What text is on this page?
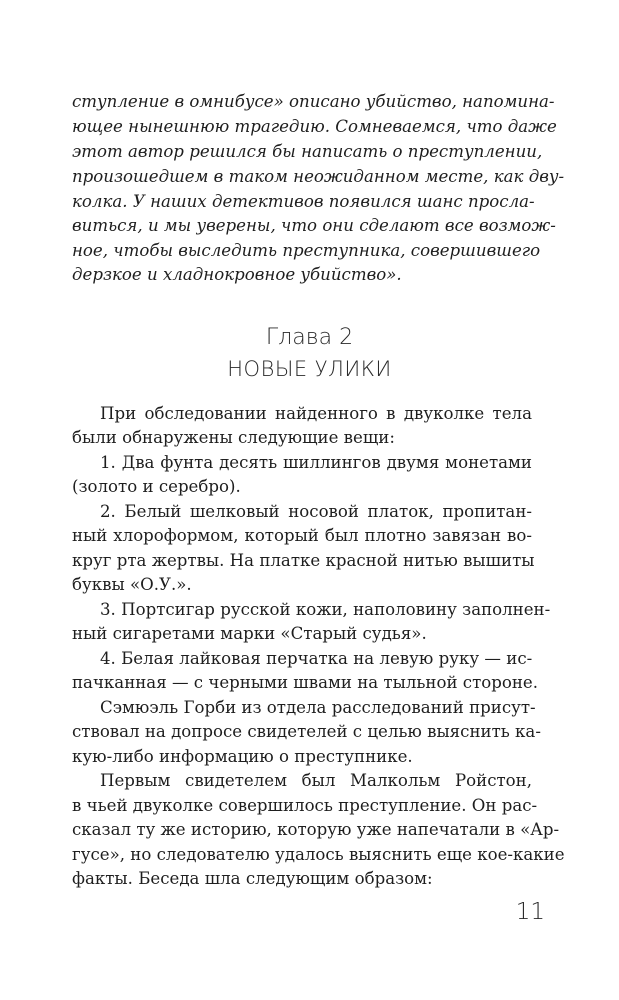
ступление в омнибусе» описано убийство, напомина-
ющее нынешнюю трагедию. Сомневаемся, что даже
этот автор решился бы написать о преступлении,
произошедшем в таком неожиданном месте, как дву-
колка. У наших детективов появился шанс просла-
виться, и мы уверены, что они сделают все возмож-
ное, чтобы выследить преступника, совершившего
дерзкое и хладнокровное убийство».
Глава 2
НОВЫЕ УЛИКИ
При обследовании найденного в двуколке тела
были обнаружены следующие вещи:
1. Два фунта десять шиллингов двумя монетами
(золото и серебро).
2. Белый шелковый носовой платок, пропитан-
ный хлороформом, который был плотно завязан во-
круг рта жертвы. На платке красной нитью вышиты
буквы «О.У.».
3. Портсигар русской кожи, наполовину заполнен-
ный сигаретами марки «Старый судья».
4. Белая лайковая перчатка на левую руку — ис-
пачканная — с черными швами на тыльной стороне.
Сэмюэль Горби из отдела расследований присут-
ствовал на допросе свидетелей с целью выяснить ка-
кую-либо информацию о преступнике.
Первым свидетелем был Малкольм Ройстон,
в чьей двуколке совершилось преступление. Он рас-
сказал ту же историю, которую уже напечатали в «Ар-
гусе», но следователю удалось выяснить еще кое-какие
факты. Беседа шла следующим образом:
11
